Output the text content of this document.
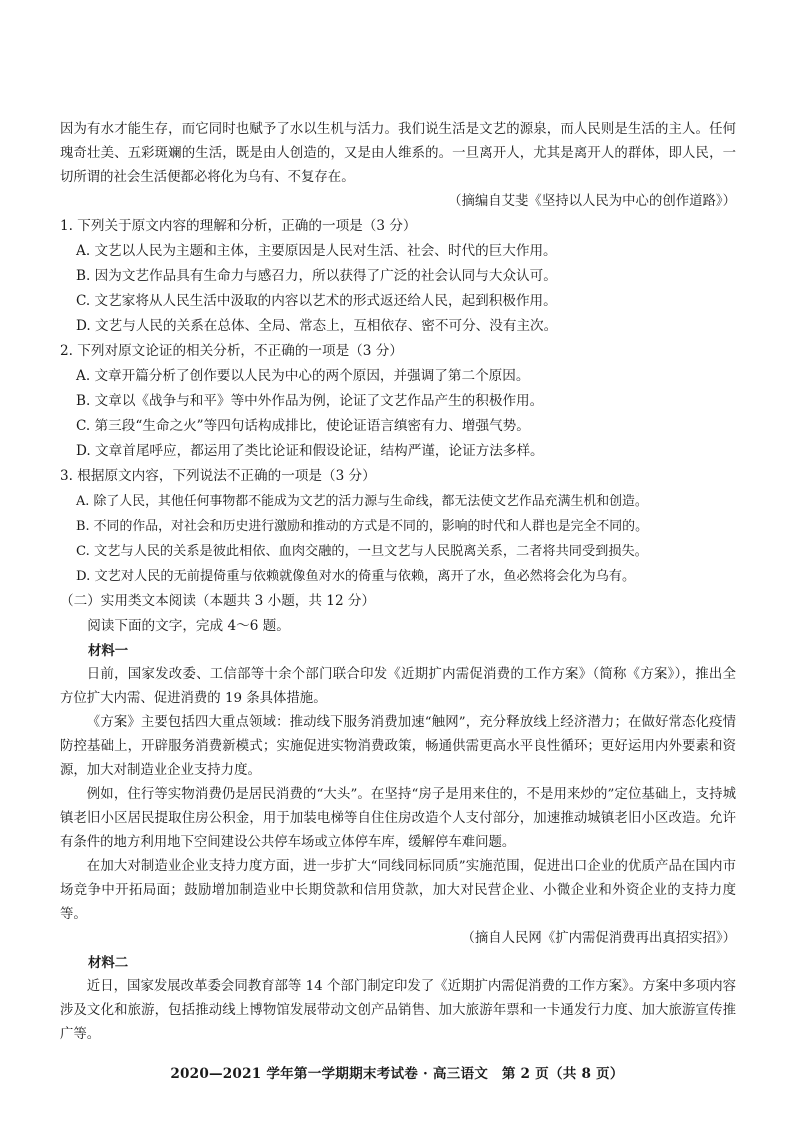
因为有水才能生存，而它同时也赋予了水以生机与活力。我们说生活是文艺的源泉，而人民则是生活的主人。任何瑰奇壮美、五彩斑斓的生活，既是由人创造的，又是由人维系的。一旦离开人，尤其是离开人的群体，即人民，一切所谓的社会生活便都必将化为乌有、不复存在。

（摘编自艾斐《坚持以人民为中心的创作道路》）

1. 下列关于原文内容的理解和分析，正确的一项是（3 分）

A. 文艺以人民为主题和主体，主要原因是人民对生活、社会、时代的巨大作用。

B. 因为文艺作品具有生命力与感召力，所以获得了广泛的社会认同与大众认可。

C. 文艺家将从人民生活中汲取的内容以艺术的形式返还给人民，起到积极作用。

D. 文艺与人民的关系在总体、全局、常态上，互相依存、密不可分、没有主次。

2. 下列对原文论证的相关分析，不正确的一项是（3 分）

A. 文章开篇分析了创作要以人民为中心的两个原因，并强调了第二个原因。

B. 文章以《战争与和平》等中外作品为例，论证了文艺作品产生的积极作用。

C. 第三段“生命之火”等四句话构成排比，使论证语言缜密有力、增强气势。

D. 文章首尾呼应，都运用了类比论证和假设论证，结构严谨，论证方法多样。

3. 根据原文内容，下列说法不正确的一项是（3 分）

A. 除了人民，其他任何事物都不能成为文艺的活力源与生命线，都无法使文艺作品充满生机和创造。

B. 不同的作品，对社会和历史进行激励和推动的方式是不同的，影响的时代和人群也是完全不同的。

C. 文艺与人民的关系是彼此相依、血肉交融的，一旦文艺与人民脱离关系，二者将共同受到损失。

D. 文艺对人民的无前提倚重与依赖就像鱼对水的倚重与依赖，离开了水，鱼必然将会化为乌有。

（二）实用类文本阅读（本题共 3 小题，共 12 分）

阅读下面的文字，完成 4～6 题。

材料一

日前，国家发改委、工信部等十余个部门联合印发《近期扩内需促消费的工作方案》（简称《方案》），推出全方位扩大内需、促进消费的 19 条具体措施。

《方案》主要包括四大重点领域：推动线下服务消费加速“触网”，充分释放线上经济潜力；在做好常态化疫情防控基础上，开辟服务消费新模式；实施促进实物消费政策，畅通供需更高水平良性循环；更好运用内外要素和资源，加大对制造业企业支持力度。

例如，住行等实物消费仍是居民消费的“大头”。在坚持“房子是用来住的，不是用来炒的”定位基础上，支持城镇老旧小区居民提取住房公积金，用于加装电梯等自住住房改造个人支付部分，加速推动城镇老旧小区改造。允许有条件的地方利用地下空间建设公共停车场或立体停车库，缓解停车难问题。

在加大对制造业企业支持力度方面，进一步扩大“同线同标同质”实施范围，促进出口企业的优质产品在国内市场竞争中开拓局面；鼓励增加制造业中长期贷款和信用贷款，加大对民营企业、小微企业和外资企业的支持力度等。

（摘自人民网《扩内需促消费再出真招实招》）

材料二

近日，国家发展改革委会同教育部等 14 个部门制定印发了《近期扩内需促消费的工作方案》。方案中多项内容涉及文化和旅游，包括推动线上博物馆发展带动文创产品销售、加大旅游年票和一卡通发行力度、加大旅游宣传推广等。

2020—2021 学年第一学期期末考试卷 · 高三语文　第 2 页（共 8 页）
